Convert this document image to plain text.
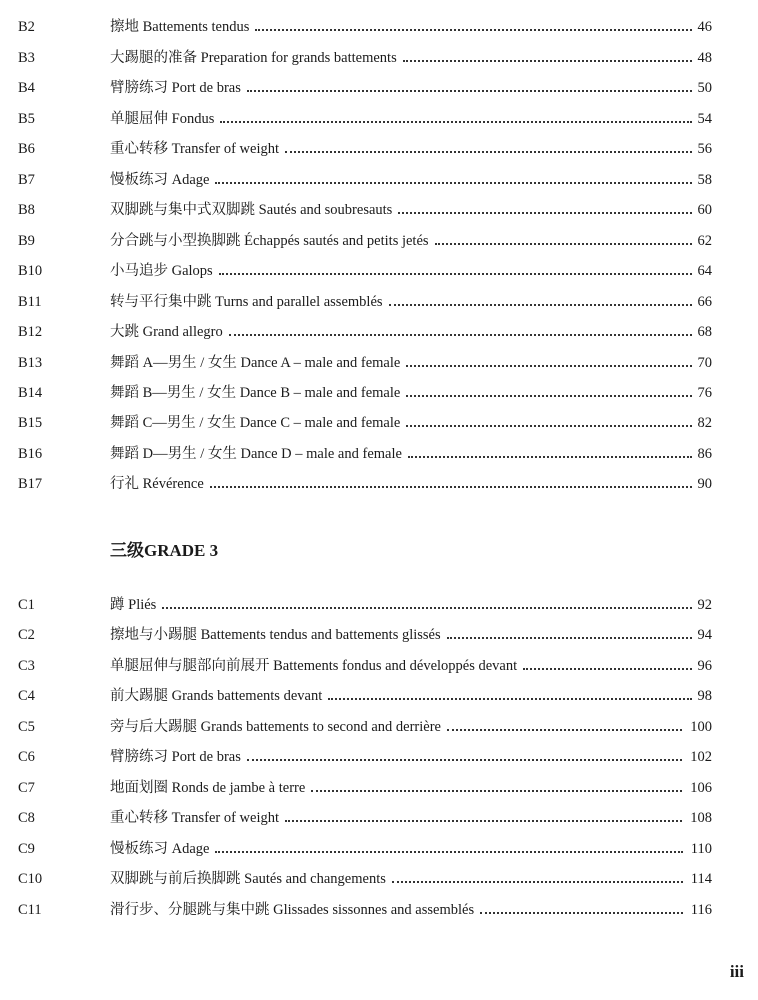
B2	擦地 Battements tendus	46
B3	大踢腿的准备 Preparation for grands battements	48
B4	臂膀练习 Port de bras	50
B5	单腿屈伸 Fondus	54
B6	重心转移 Transfer of weight	56
B7	慢板练习 Adage	58
B8	双脚跳与集中式双脚跳 Sautés and soubresauts	60
B9	分合跳与小型换脚跳 Échappés sautés and petits jetés	62
B10	小马追步 Galops	64
B11	转与平行集中跳 Turns and parallel assemblés	66
B12	大跳 Grand allegro	68
B13	舞蹈 A—男生 / 女生 Dance A – male and female	70
B14	舞蹈 B—男生 / 女生 Dance B – male and female	76
B15	舞蹈 C—男生 / 女生 Dance C – male and female	82
B16	舞蹈 D—男生 / 女生 Dance D – male and female	86
B17	行礼 Révérence	90
三级GRADE 3
C1	蹲 Pliés	92
C2	擦地与小踢腿 Battements tendus and battements glissés	94
C3	单腿屈伸与腿部向前展开 Battements fondus and développés devant	96
C4	前大踢腿 Grands battements devant	98
C5	旁与后大踢腿 Grands battements to second and derrière	100
C6	臂膀练习 Port de bras	102
C7	地面划圈 Ronds de jambe à terre	106
C8	重心转移 Transfer of weight	108
C9	慢板练习 Adage	110
C10	双脚跳与前后换脚跳 Sautés and changements	114
C11	滑行步、分腿跳与集中跳 Glissades sissonnes and assemblés	116
iii
